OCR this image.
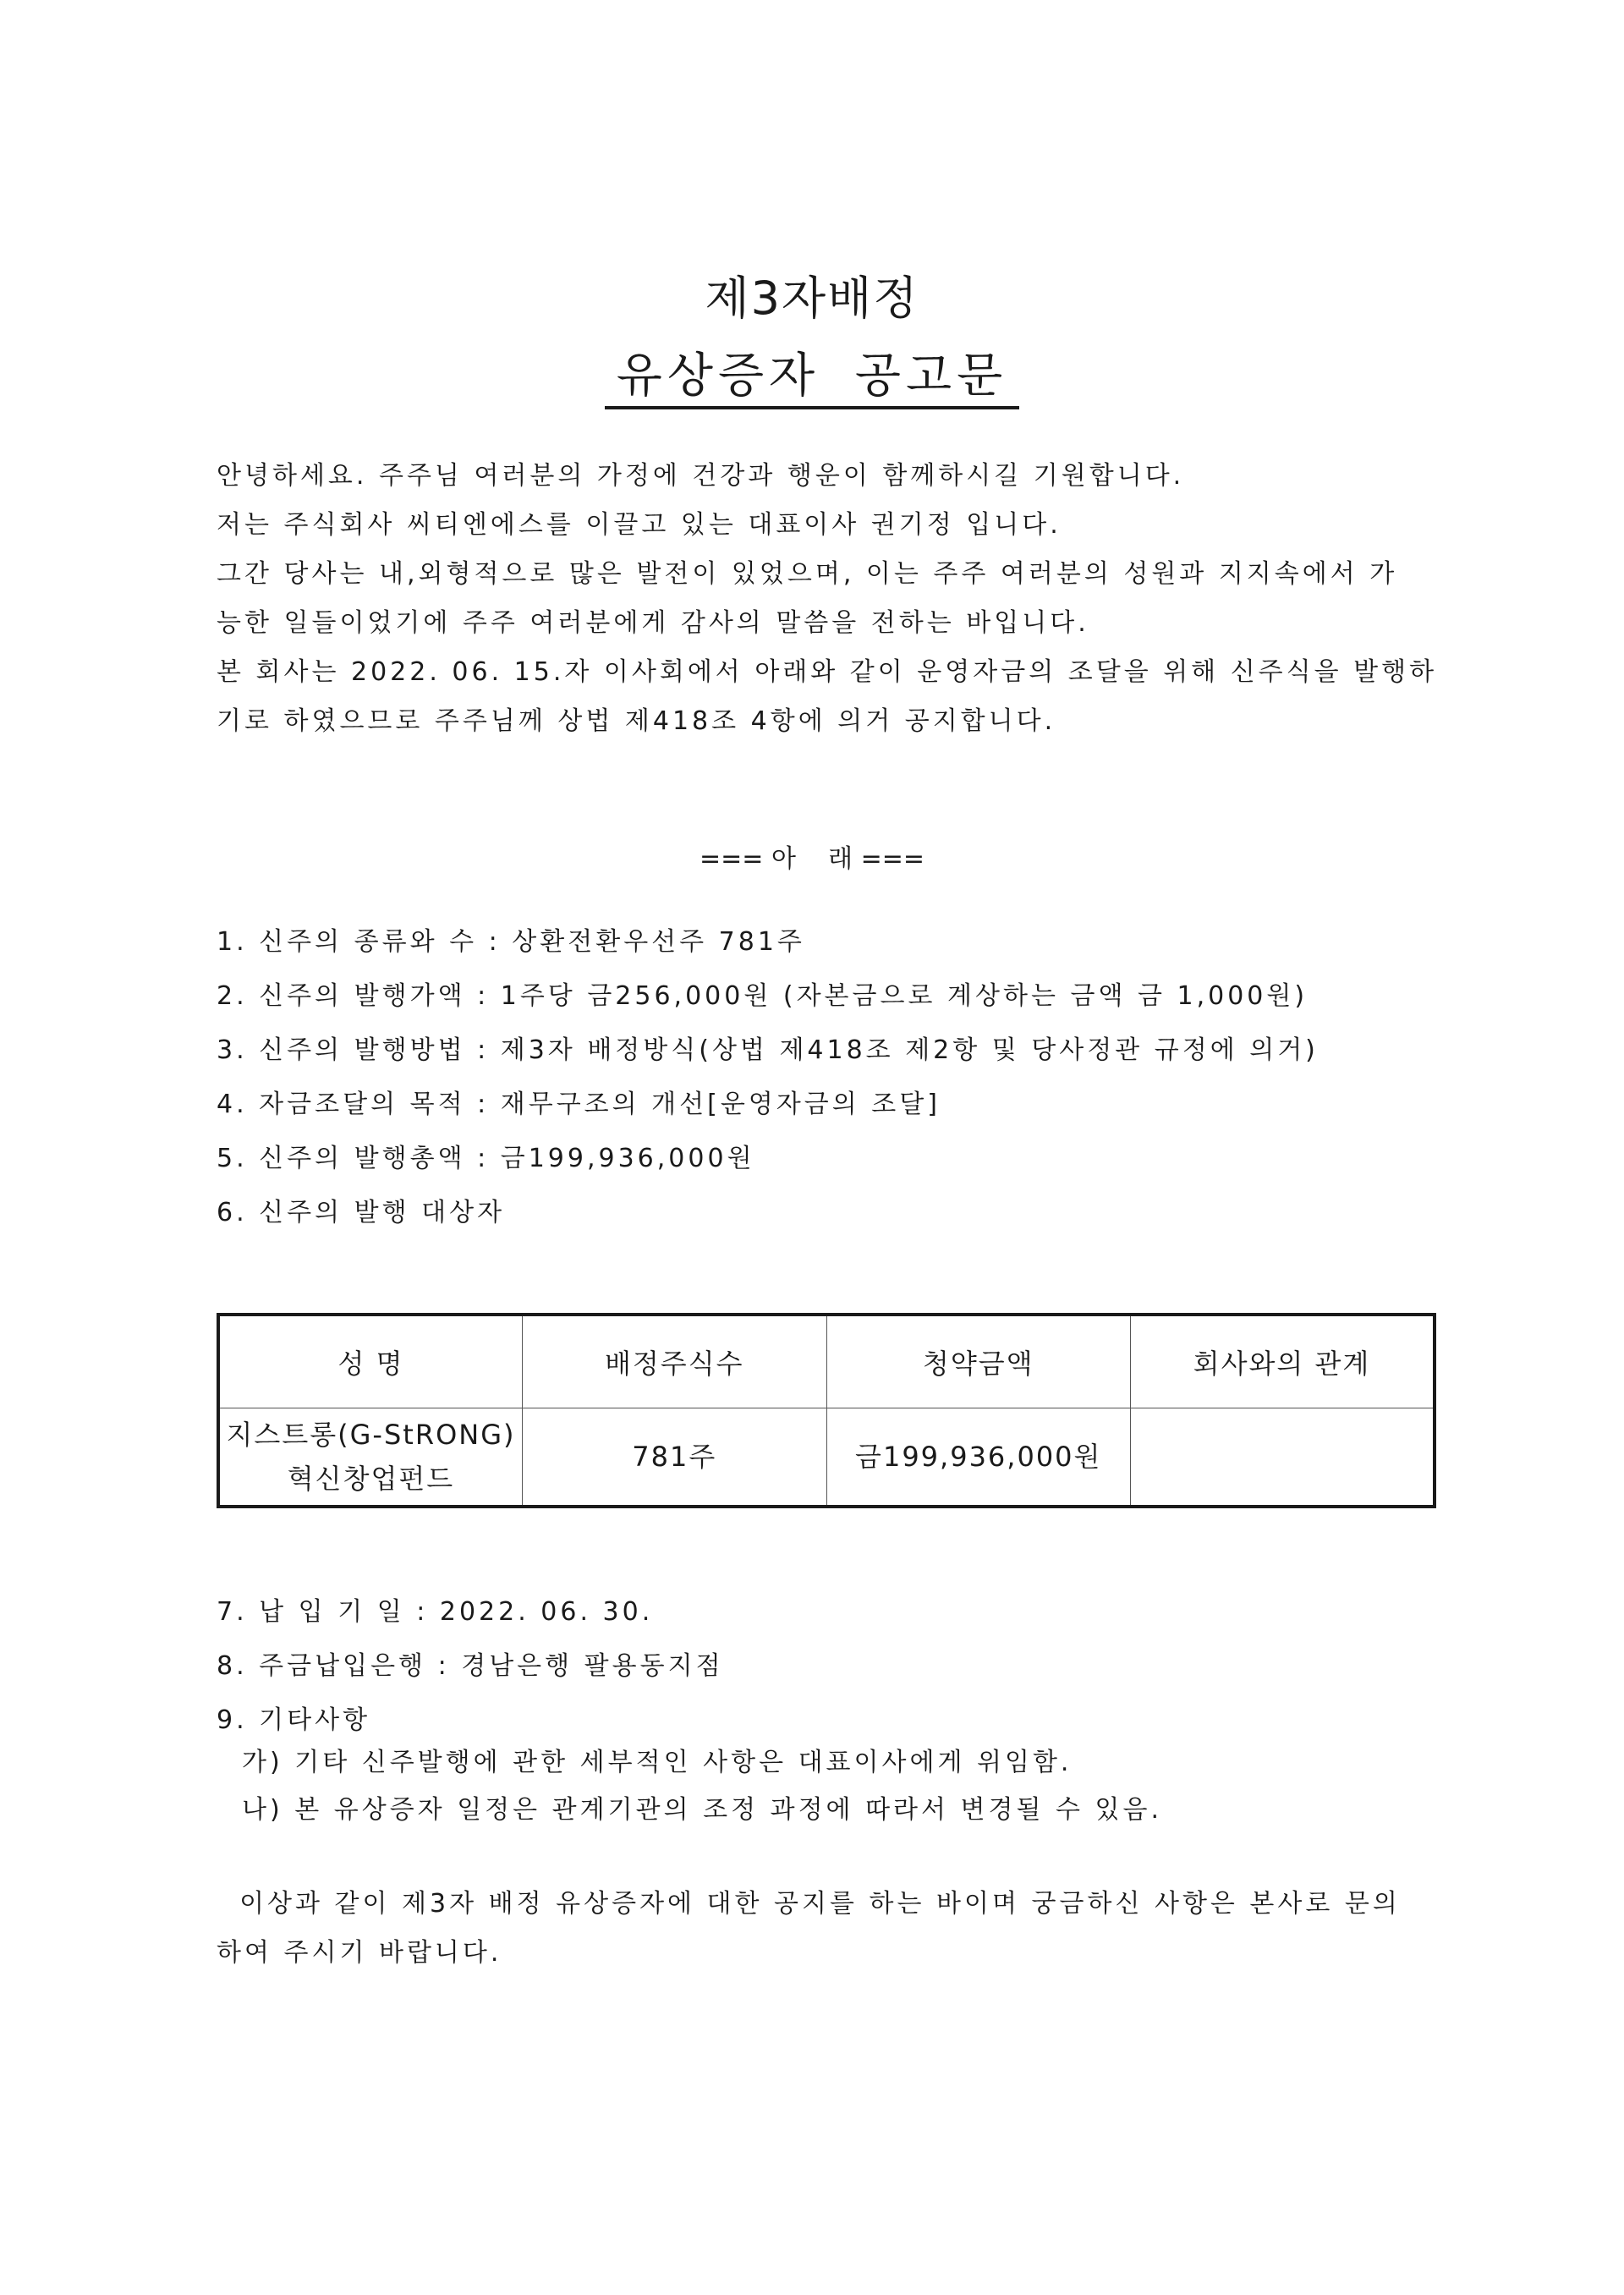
제3자배정
유상증자 공고문
안녕하세요. 주주님 여러분의 가정에 건강과 행운이 함께하시길 기원합니다.
저는 주식회사 씨티엔에스를 이끌고 있는 대표이사 권기정 입니다.
그간 당사는 내,외형적으로 많은 발전이 있었으며, 이는 주주 여러분의 성원과 지지속에서 가
능한 일들이었기에 주주 여러분에게 감사의 말씀을 전하는 바입니다.
본 회사는 2022. 06. 15.자 이사회에서 아래와 같이 운영자금의 조달을 위해 신주식을 발행하
기로 하였으므로 주주님께 상법 제418조 4항에 의거 공지합니다.
=== 아    래 ===
1. 신주의 종류와 수 : 상환전환우선주 781주
2. 신주의 발행가액 : 1주당 금256,000원 (자본금으로 계상하는 금액 금 1,000원)
3. 신주의 발행방법 : 제3자 배정방식(상법 제418조 제2항 및 당사정관 규정에 의거)
4. 자금조달의 목적 : 재무구조의 개선[운영자금의 조달]
5. 신주의 발행총액 : 금199,936,000원
6. 신주의 발행 대상자
성 명	배정주식수	청약금액	회사와의 관계
지스트롱(G-StRONG)
혁신창업펀드	781주	금199,936,000원	
7. 납 입 기 일 : 2022. 06. 30.
8. 주금납입은행 : 경남은행 팔용동지점
9. 기타사항
가) 기타 신주발행에 관한 세부적인 사항은 대표이사에게 위임함.
나) 본 유상증자 일정은 관계기관의 조정 과정에 따라서 변경될 수 있음.
이상과 같이 제3자 배정 유상증자에 대한 공지를 하는 바이며 궁금하신 사항은 본사로 문의
하여 주시기 바랍니다.
